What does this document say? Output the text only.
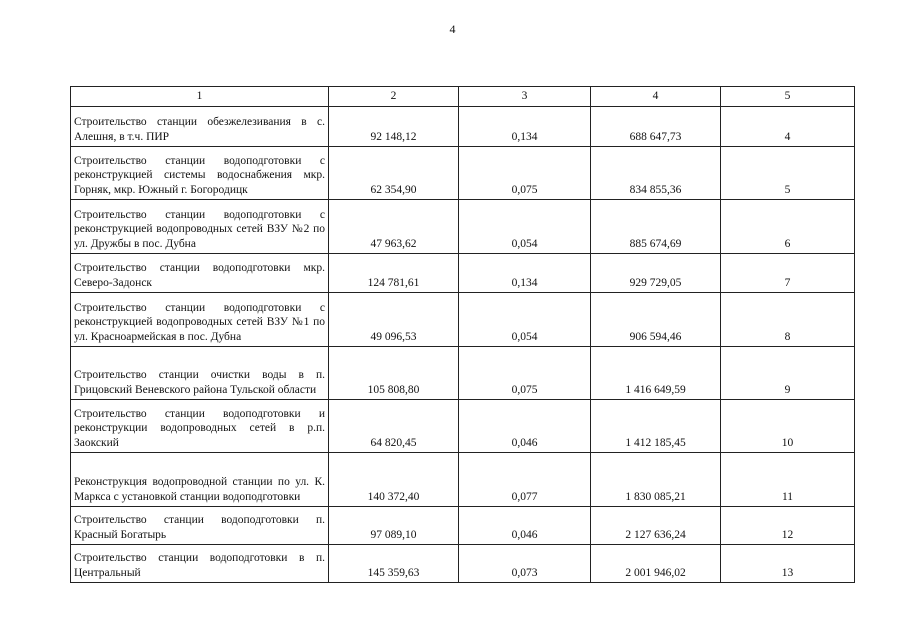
4
1	2	3	4	5
Строительство станции обезжелезивания в с. Алешня, в т.ч. ПИР	92 148,12	0,134	688 647,73	4
Строительство станции водоподготовки с реконструкцией системы водоснабжения мкр. Горняк, мкр. Южный г. Богородицк	62 354,90	0,075	834 855,36	5
Строительство станции водоподготовки с реконструкцией водопроводных сетей ВЗУ №2 по ул. Дружбы в пос. Дубна	47 963,62	0,054	885 674,69	6
Строительство станции водоподготовки мкр. Северо-Задонск	124 781,61	0,134	929 729,05	7
Строительство станции водоподготовки с реконструкцией водопроводных сетей ВЗУ №1 по ул. Красноармейская в пос. Дубна	49 096,53	0,054	906 594,46	8
Строительство станции очистки воды в п. Грицовский Веневского района Тульской области	105 808,80	0,075	1 416 649,59	9
Строительство станции водоподготовки и реконструкции водопроводных сетей в р.п. Заокский	64 820,45	0,046	1 412 185,45	10
Реконструкция водопроводной станции по ул. К. Маркса с установкой станции водоподготовки	140 372,40	0,077	1 830 085,21	11
Строительство станции водоподготовки п. Красный Богатырь	97 089,10	0,046	2 127 636,24	12
Строительство станции водоподготовки в п. Центральный	145 359,63	0,073	2 001 946,02	13
